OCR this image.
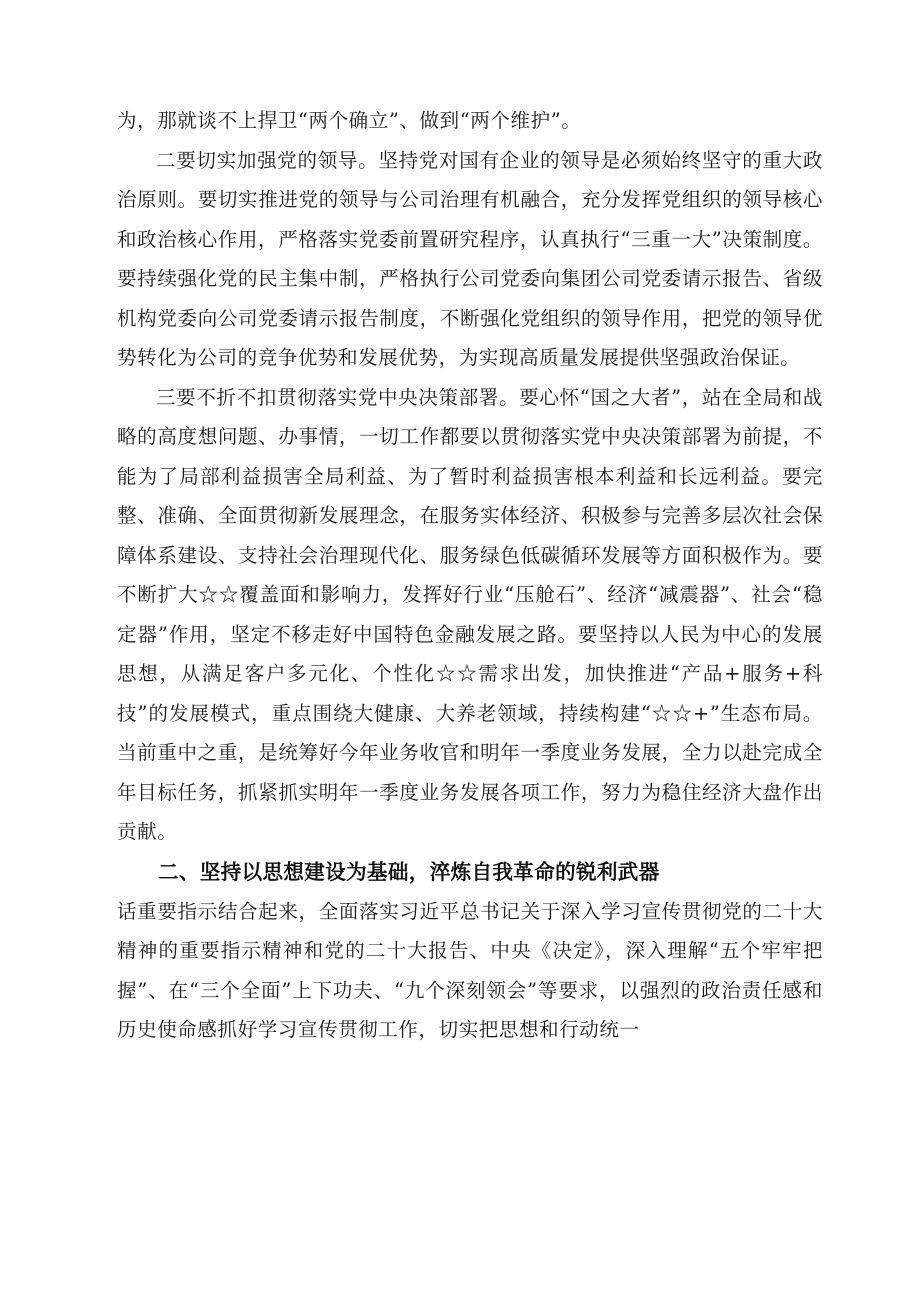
为，那就谈不上捍卫“两个确立”、做到“两个维护”。

二要切实加强党的领导。坚持党对国有企业的领导是必须始终坚守的重大政治原则。要切实推进党的领导与公司治理有机融合，充分发挥党组织的领导核心和政治核心作用，严格落实党委前置研究程序，认真执行“三重一大”决策制度。要持续强化党的民主集中制，严格执行公司党委向集团公司党委请示报告、省级机构党委向公司党委请示报告制度，不断强化党组织的领导作用，把党的领导优势转化为公司的竞争优势和发展优势，为实现高质量发展提供坚强政治保证。

三要不折不扣贯彻落实党中央决策部署。要心怀“国之大者”，站在全局和战略的高度想问题、办事情，一切工作都要以贯彻落实党中央决策部署为前提，不能为了局部利益损害全局利益、为了暂时利益损害根本利益和长远利益。要完整、准确、全面贯彻新发展理念，在服务实体经济、积极参与完善多层次社会保障体系建设、支持社会治理现代化、服务绿色低碳循环发展等方面积极作为。要不断扩大☆☆覆盖面和影响力，发挥好行业“压舱石”、经济“减震器”、社会“稳定器”作用，坚定不移走好中国特色金融发展之路。要坚持以人民为中心的发展思想，从满足客户多元化、个性化☆☆需求出发，加快推进“产品+服务+科技”的发展模式，重点围绕大健康、大养老领域，持续构建“☆☆+”生态布局。当前重中之重，是统筹好今年业务收官和明年一季度业务发展，全力以赴完成全年目标任务，抓紧抓实明年一季度业务发展各项工作，努力为稳住经济大盘作出贡献。

二、坚持以思想建设为基础，淬炼自我革命的锐利武器

话重要指示结合起来，全面落实习近平总书记关于深入学习宣传贯彻党的二十大精神的重要指示精神和党的二十大报告、中央《决定》，深入理解“五个牢牢把握”、在“三个全面”上下功夫、“九个深刻领会”等要求，以强烈的政治责任感和历史使命感抓好学习宣传贯彻工作，切实把思想和行动统一
